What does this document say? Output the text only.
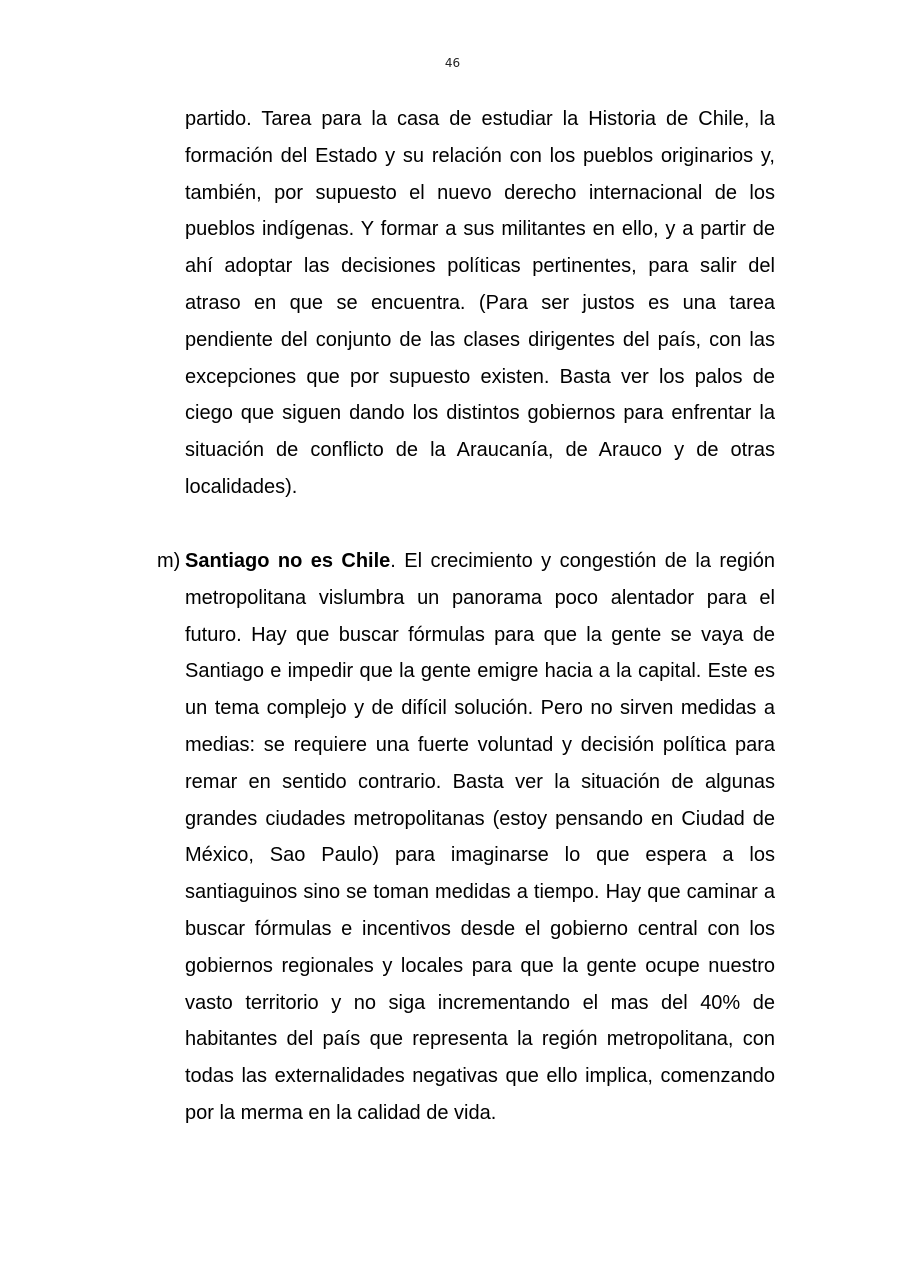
46

partido. Tarea para la casa de estudiar la Historia de Chile, la formación del Estado y su relación con los pueblos originarios y, también, por supuesto el nuevo derecho internacional de los pueblos indígenas. Y formar a sus militantes en ello, y a partir de ahí adoptar las decisiones políticas pertinentes, para salir del atraso en que se encuentra. (Para ser justos es una tarea pendiente del conjunto de las clases dirigentes del país, con las excepciones que por supuesto existen. Basta ver los palos de ciego que siguen dando los distintos gobiernos para enfrentar la situación de conflicto de la Araucanía, de Arauco y de otras localidades).

m) Santiago no es Chile. El crecimiento y congestión de la región metropolitana vislumbra un panorama poco alentador para el futuro. Hay que buscar fórmulas para que la gente se vaya de Santiago e impedir que la gente emigre hacia a la capital. Este es un tema complejo y de difícil solución. Pero no sirven medidas a medias: se requiere una fuerte voluntad y decisión política para remar en sentido contrario. Basta ver la situación de algunas grandes ciudades metropolitanas (estoy pensando en Ciudad de México, Sao Paulo) para imaginarse lo que espera a los santiaguinos sino se toman medidas a tiempo. Hay que caminar a buscar fórmulas e incentivos desde el gobierno central con los gobiernos regionales y locales para que la gente ocupe nuestro vasto territorio y no siga incrementando el mas del 40% de habitantes del país que representa la región metropolitana, con todas las externalidades negativas que ello implica, comenzando por la merma en la calidad de vida.
